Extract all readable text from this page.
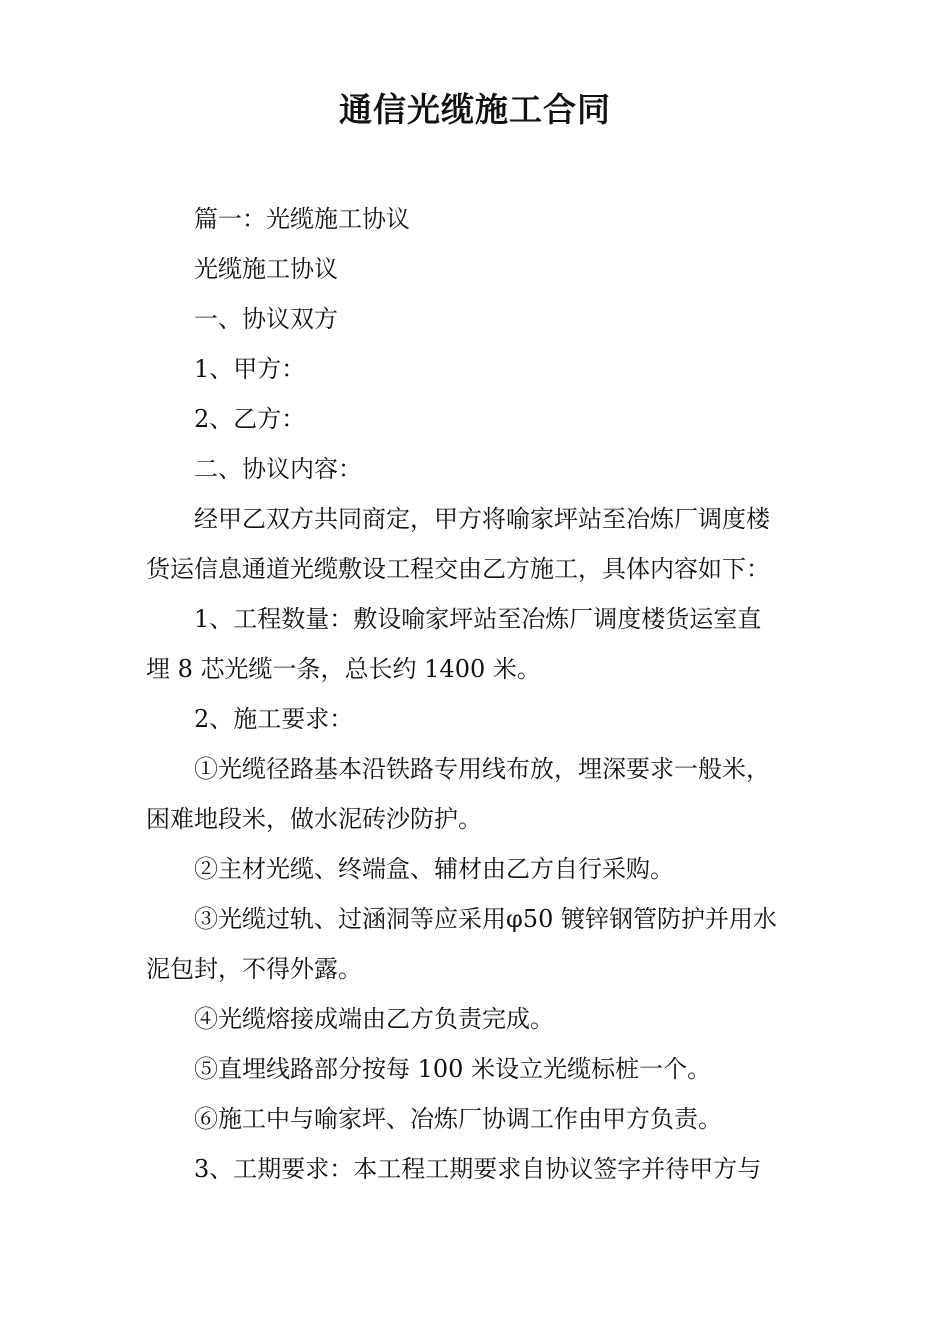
通信光缆施工合同

篇一：光缆施工协议

光缆施工协议

一、协议双方

1、甲方：

2、乙方：

二、协议内容：

经甲乙双方共同商定，甲方将喻家坪站至冶炼厂调度楼
货运信息通道光缆敷设工程交由乙方施工，具体内容如下：

1、工程数量：敷设喻家坪站至冶炼厂调度楼货运室直
埋 8 芯光缆一条，总长约 1400 米。

2、施工要求：

①光缆径路基本沿铁路专用线布放，埋深要求一般米，
困难地段米，做水泥砖沙防护。

②主材光缆、终端盒、辅材由乙方自行采购。

③光缆过轨、过涵洞等应采用φ50 镀锌钢管防护并用水
泥包封，不得外露。

④光缆熔接成端由乙方负责完成。

⑤直埋线路部分按每 100 米设立光缆标桩一个。

⑥施工中与喻家坪、冶炼厂协调工作由甲方负责。

3、工期要求：本工程工期要求自协议签字并待甲方与
